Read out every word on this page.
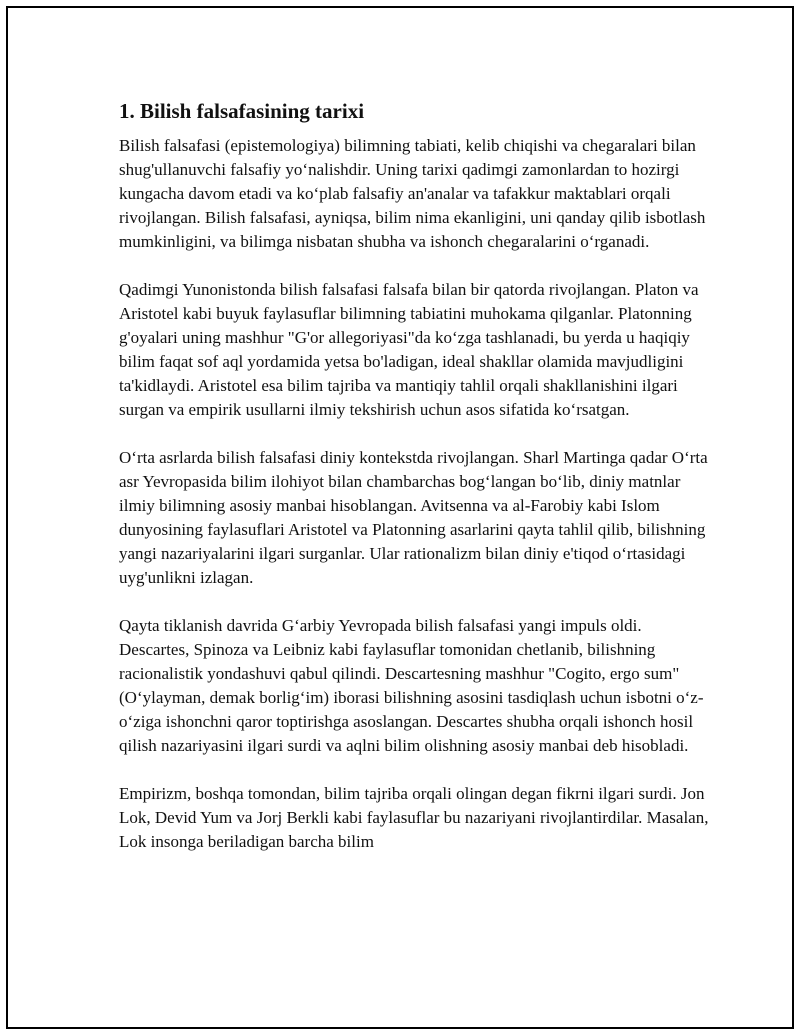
1. Bilish falsafasining tarixi

Bilish falsafasi (epistemologiya) bilimning tabiati, kelib chiqishi va chegaralari bilan shug'ullanuvchi falsafiy yo‘nalishdir. Uning tarixi qadimgi zamonlardan to hozirgi kungacha davom etadi va ko‘plab falsafiy an'analar va tafakkur maktablari orqali rivojlangan. Bilish falsafasi, ayniqsa, bilim nima ekanligini, uni qanday qilib isbotlash mumkinligini, va bilimga nisbatan shubha va ishonch chegaralarini o‘rganadi.

Qadimgi Yunonistonda bilish falsafasi falsafa bilan bir qatorda rivojlangan. Platon va Aristotel kabi buyuk faylasuflar bilimning tabiatini muhokama qilganlar. Platonning g'oyalari uning mashhur "G'or allegoriyasi"da ko‘zga tashlanadi, bu yerda u haqiqiy bilim faqat sof aql yordamida yetsa bo'ladigan, ideal shakllar olamida mavjudligini ta'kidlaydi. Aristotel esa bilim tajriba va mantiqiy tahlil orqali shakllanishini ilgari surgan va empirik usullarni ilmiy tekshirish uchun asos sifatida ko‘rsatgan.

O‘rta asrlarda bilish falsafasi diniy kontekstda rivojlangan. Sharl Martinga qadar O‘rta asr Yevropasida bilim ilohiyot bilan chambarchas bog‘langan bo‘lib, diniy matnlar ilmiy bilimning asosiy manbai hisoblangan. Avitsenna va al-Farobiy kabi Islom dunyosining faylasuflari Aristotel va Platonning asarlarini qayta tahlil qilib, bilishning yangi nazariyalarini ilgari surganlar. Ular rationalizm bilan diniy e'tiqod o‘rtasidagi uyg'unlikni izlagan.

Qayta tiklanish davrida G‘arbiy Yevropada bilish falsafasi yangi impuls oldi. Descartes, Spinoza va Leibniz kabi faylasuflar tomonidan chetlanib, bilishning racionalistik yondashuvi qabul qilindi. Descartesning mashhur "Cogito, ergo sum" (O‘ylayman, demak borlig‘im) iborasi bilishning asosini tasdiqlash uchun isbotni o‘z-o‘ziga ishonchni qaror toptirishga asoslangan. Descartes shubha orqali ishonch hosil qilish nazariyasini ilgari surdi va aqlni bilim olishning asosiy manbai deb hisobladi.

Empirizm, boshqa tomondan, bilim tajriba orqali olingan degan fikrni ilgari surdi. Jon Lok, Devid Yum va Jorj Berkli kabi faylasuflar bu nazariyani rivojlantirdilar. Masalan, Lok insonga beriladigan barcha bilim
